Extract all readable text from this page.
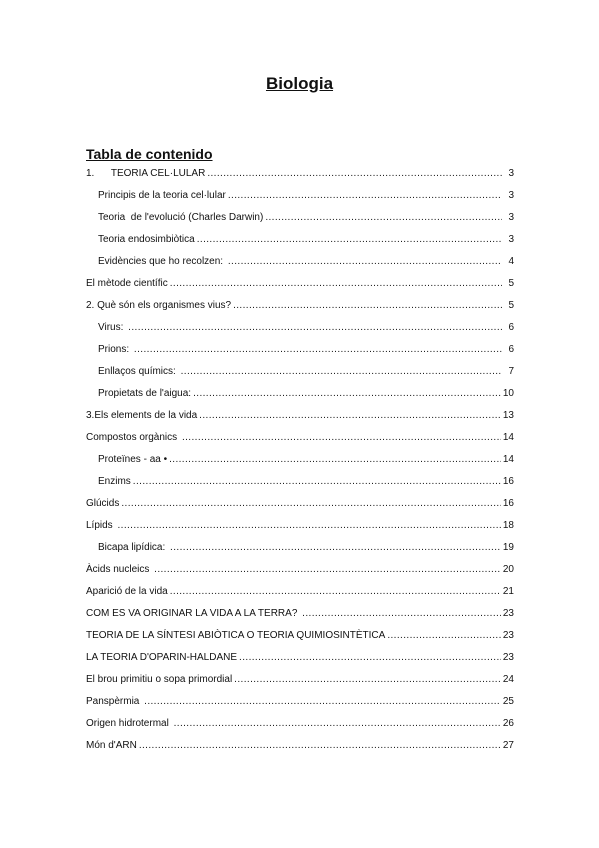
Biologia
Tabla de contenido
1.      TEORIA CEL·LULAR .....	3
Principis de la teoria cel·lular .....	3
Teoria  de l'evolució (Charles Darwin) .....	3
Teoria endosimbiòtica .....	3
Evidències que ho recolzen: .....	4
El mètode científic .....	5
2. Què són els organismes vius? .....	5
Virus: .....	6
Prions: .....	6
Enllaços químics: .....	7
Propietats de l'aigua: .....	10
3.Els elements de la vida .....	13
Compostos orgànics .....	14
Proteïnes - aa • .....	14
Enzims .....	16
Glúcids .....	16
Lípids .....	18
Bicapa lipídica: .....	19
Àcids nucleics .....	20
Aparició de la vida .....	21
COM ES VA ORIGINAR LA VIDA A LA TERRA? .....	23
TEORIA DE LA SÍNTESI ABIÒTICA O TEORIA QUIMIOSINTÈTICA .....	23
LA TEORIA D'OPARIN-HALDANE .....	23
El brou primitiu o sopa primordial .....	24
Panspèrmia .....	25
Origen hidrotermal .....	26
Món d'ARN .....	27
